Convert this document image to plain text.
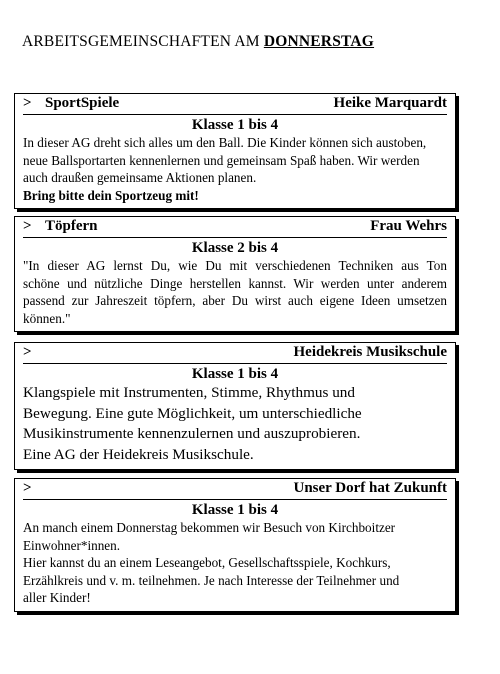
ARBEITSGEMEINSCHAFTEN AM DONNERSTAG
> SportSpiele	Heike Marquardt
Klasse 1 bis 4
In dieser AG dreht sich alles um den Ball. Die Kinder können sich austoben,
neue Ballsportarten kennenlernen und gemeinsam Spaß haben. Wir werden
auch draußen gemeinsame Aktionen planen.
Bring bitte dein Sportzeug mit!
> Töpfern	Frau Wehrs
Klasse 2 bis 4
"In dieser AG lernst Du, wie Du mit verschiedenen Techniken aus Ton
schöne und nützliche Dinge herstellen kannst. Wir werden unter anderem
passend zur Jahreszeit töpfern, aber Du wirst auch eigene Ideen umsetzen
können."
>	Heidekreis Musikschule
Klasse 1 bis 4
Klangspiele mit Instrumenten, Stimme, Rhythmus und
Bewegung. Eine gute Möglichkeit, um unterschiedliche
Musikinstrumente kennenzulernen und auszuprobieren.
Eine AG der Heidekreis Musikschule.
>	Unser Dorf hat Zukunft
Klasse 1 bis 4
An manch einem Donnerstag bekommen wir Besuch von Kirchboitzer
Einwohner*innen.
Hier kannst du an einem Leseangebot, Gesellschaftsspiele, Kochkurs,
Erzählkreis und v. m. teilnehmen. Je nach Interesse der Teilnehmer und
aller Kinder!
